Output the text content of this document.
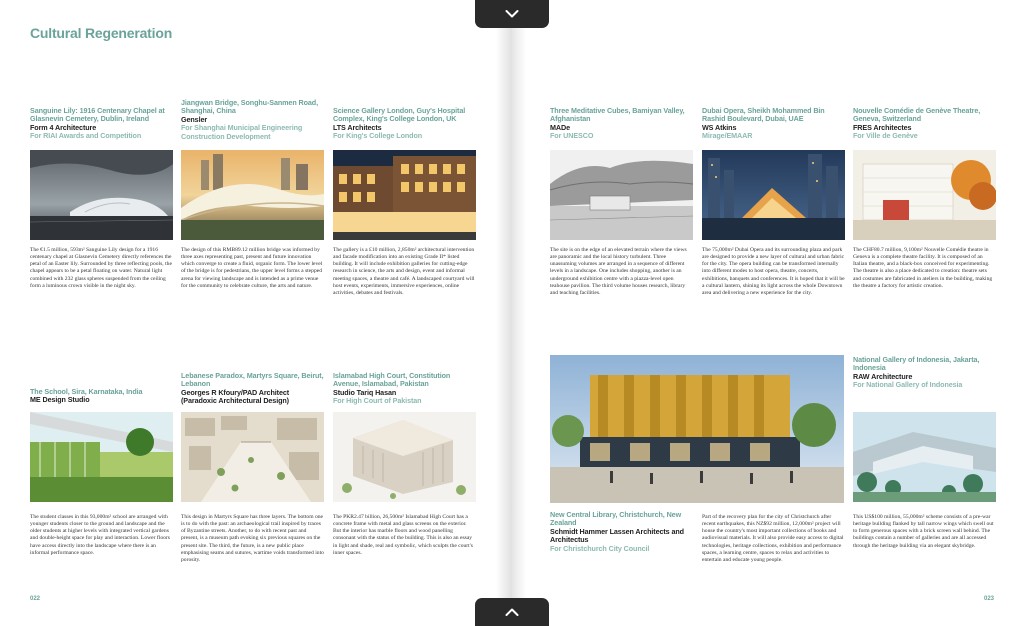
Cultural Regeneration
Sanguine Lily: 1916 Centenary Chapel at Glasnevin Cemetery, Dublin, Ireland
Form 4 Architecture
For RIAI Awards and Competition
The €1.5 million, 593m² Sanguine Lily design for a 1916 centenary chapel at Glasnevin Cemetery directly references the petal of an Easter lily. Surrounded by three reflecting pools, the chapel appears to be a petal floating on water. Natural light combined with 232 glass spheres suspended from the ceiling form a luminous crown visible in the night sky.
Jiangwan Bridge, Songhu-Sanmen Road, Shanghai, China
Gensler
For Shanghai Municipal Engineering Construction Development
The design of this RMB89.12 million bridge was informed by three axes representing past, present and future innovation which converge to create a fluid, organic form. The lower level of the bridge is for pedestrians, the upper level forms a stepped arena for viewing landscape and is intended as a prime venue for the community to celebrate culture, the arts and nature.
Science Gallery London, Guy's Hospital Complex, King's College London, UK
LTS Architects
For King's College London
The gallery is a £10 million, 2,850m² architectural intervention and facade modification into an existing Grade II* listed building. It will include exhibition galleries for cutting-edge research in science, the arts and design, event and informal meeting spaces, a theatre and café. A landscaped courtyard will host events, experiments, immersive experiences, online activities, debates and festivals.
The School, Sira, Karnataka, India
ME Design Studio
The student classes in this 93,000m² school are arranged with younger students closer to the ground and landscape and the older students at higher levels with integrated vertical gardens and double-height space for play and interaction. Lower floors have access directly into the landscape where there is an informal performance space.
Lebanese Paradox, Martyrs Square, Beirut, Lebanon
Georges R Kfoury/PAD Architect (Paradoxic Architectural Design)
This design in Martyrs Square has three layers. The bottom one is to do with the past: an archaeological trail inspired by traces of Byzantine streets. Another, to do with recent past and present, is a museum path evoking six previous squares on the present site. The third, the future, is a new public place emphasising seams and sutures, wartime voids transformed into porosity.
Islamabad High Court, Constitution Avenue, Islamabad, Pakistan
Studio Tariq Hasan
For High Court of Pakistan
The PKR2.47 billion, 26,500m² Islamabad High Court has a concrete frame with metal and glass screens on the exterior. But the interior has marble floors and wood panelling consonant with the status of the building. This is also an essay in light and shade, real and symbolic, which sculpts the court's inner spaces.
022
Three Meditative Cubes, Bamiyan Valley, Afghanistan
MADe
For UNESCO
The site is on the edge of an elevated terrain where the views are panoramic and the local history turbulent. Three unassuming volumes are arranged in a sequence of different levels in a landscape. One includes shopping, another is an underground exhibition centre with a piazza-level open teahouse pavilion. The third volume houses research, library and teaching facilities.
Dubai Opera, Sheikh Mohammed Bin Rashid Boulevard, Dubai, UAE
WS Atkins
Mirage/EMAAR
The 75,000m² Dubai Opera and its surrounding plaza and park are designed to provide a new layer of cultural and urban fabric for the city. The opera building can be transformed internally into different modes to host opera, theatre, concerts, exhibitions, banquets and conferences. It is hoped that it will be a cultural lantern, shining its light across the whole Downtown area and delivering a new experience for the city.
Nouvelle Comédie de Genève Theatre, Geneva, Switzerland
FRES Architectes
For Ville de Genève
The CHF80.7 million, 9,100m² Nouvelle Comédie theatre in Geneva is a complete theatre facility. It is composed of an Italian theatre, and a black-box conceived for experimenting. The theatre is also a place dedicated to creation: theatre sets and costumes are fabricated in ateliers in the building, making the theatre a factory for artistic creation.
New Central Library, Christchurch, New Zealand
Schmidt Hammer Lassen Architects and Architectus
For Christchurch City Council
Part of the recovery plan for the city of Christchurch after recent earthquakes, this NZ$92 million, 12,000m² project will house the country's most important collections of books and audiovisual materials. It will also provide easy access to digital technologies, heritage collections, exhibition and performance spaces, a learning centre, spaces to relax and activities to entertain and educate young people.
National Gallery of Indonesia, Jakarta, Indonesia
RAW Architecture
For National Gallery of Indonesia
This US$100 million, 55,000m² scheme consists of a pre-war heritage building flanked by tall narrow wings which swell out to form generous spaces with a brick screen wall behind. The buildings contain a number of galleries and are all accessed through the heritage building via an elegant skybridge.
023
